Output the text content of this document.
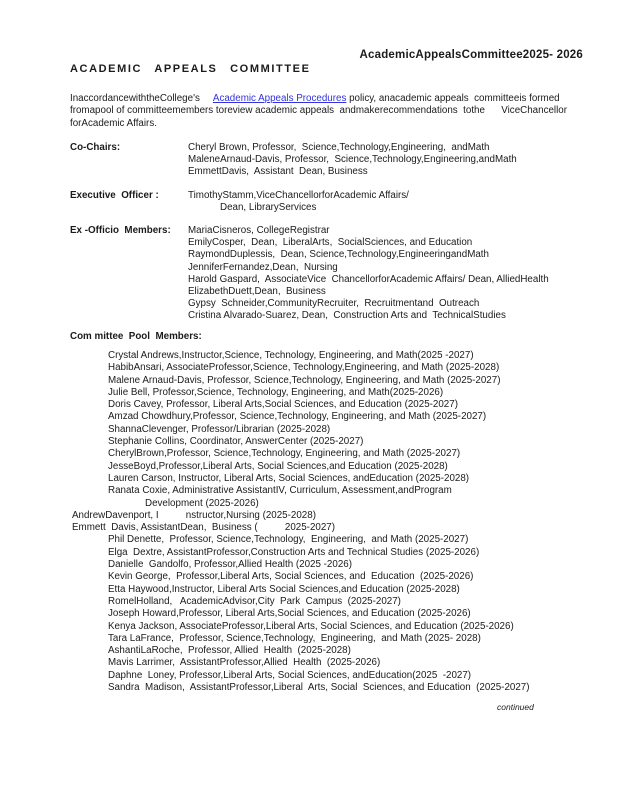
AcademicAppealsCommittee2025- 2026
ACADEMIC APPEALS COMMITTEE
InaccordancewiththeCollege's     Academic Appeals Procedures policy, anacademic appeals  committeeis formed
fromapool of committeemembers toreview academic appeals  andmakerecommendations  tothe      ViceChancellor
forAcademic Affairs.
Co-Chairs:	Cheryl Brown, Professor,  Science,Technology,Engineering,  andMath
MaleneArnaud-Davis, Professor,  Science,Technology,Engineering,andMath
EmmettDavis,  Assistant  Dean, Business
Executive  Officer :	TimothyStamm,ViceChancellorforAcademic Affairs/
Dean, LibraryServices
Ex -Officio  Members:	MariaCisneros, CollegeRegistrar
EmilyCosper,  Dean,  LiberalArts,  SocialSciences, and Education
RaymondDuplessis,  Dean, Science,Technology,EngineeringandMath
JenniferFernandez,Dean,  Nursing
Harold Gaspard,  AssociateVice  ChancellorforAcademic Affairs/ Dean, AlliedHealth
ElizabethDuett,Dean,  Business
Gypsy  Schneider,CommunityRecruiter,  Recruitmentand  Outreach
Cristina Alvarado-Suarez, Dean,  Construction Arts and  TechnicalStudies
Com mittee  Pool  Members:
Crystal Andrews,Instructor,Science, Technology, Engineering, and Math(2025 -2027)
HabibAnsari, AssociateProfessor,Science, Technology,Engineering, and Math (2025-2028)
Malene Arnaud-Davis, Professor, Science,Technology, Engineering, and Math (2025-2027)
Julie Bell, Professor,Science, Technology, Engineering, and Math(2025-2026)
Doris Cavey, Professor, Liberal Arts,Social Sciences, and Education (2025-2027)
Amzad Chowdhury,Professor, Science,Technology, Engineering, and Math (2025-2027)
ShannaClevenger, Professor/Librarian (2025-2028)
Stephanie Collins, Coordinator, AnswerCenter (2025-2027)
CherylBrown,Professor, Science,Technology, Engineering, and Math (2025-2027)
JesseBoyd,Professor,Liberal Arts, Social Sciences,and Education (2025-2028)
Lauren Carson, Instructor, Liberal Arts, Social Sciences, andEducation (2025-2028)
Ranata Coxie, Administrative AssistantIV, Curriculum, Assessment,andProgram
Development (2025-2026)
AndrewDavenport, I          nstructor,Nursing (2025-2028)
Emmett  Davis, AssistantDean,  Business (          2025-2027)
Phil Denette,  Professor, Science,Technology,  Engineering,  and Math (2025-2027)
Elga  Dextre, AssistantProfessor,Construction Arts and Technical Studies (2025-2026)
Danielle  Gandolfo, Professor,Allied Health (2025 -2026)
Kevin George,  Professor,Liberal Arts, Social Sciences, and  Education  (2025-2026)
Etta Haywood,Instructor, Liberal Arts Social Sciences,and Education (2025-2028)
RomelHolland,   AcademicAdvisor,City  Park  Campus  (2025-2027)
Joseph Howard,Professor, Liberal Arts,Social Sciences, and Education (2025-2026)
Kenya Jackson, AssociateProfessor,Liberal Arts, Social Sciences, and Education (2025-2026)
Tara LaFrance,  Professor, Science,Technology,  Engineering,  and Math (2025- 2028)
AshantiLaRoche,  Professor, Allied  Health  (2025-2028)
Mavis Larrimer,  AssistantProfessor,Allied  Health  (2025-2026)
Daphne  Loney, Professor,Liberal Arts, Social Sciences, andEducation(2025  -2027)
Sandra  Madison,  AssistantProfessor,Liberal  Arts, Social  Sciences, and Education  (2025-2027)
continued
